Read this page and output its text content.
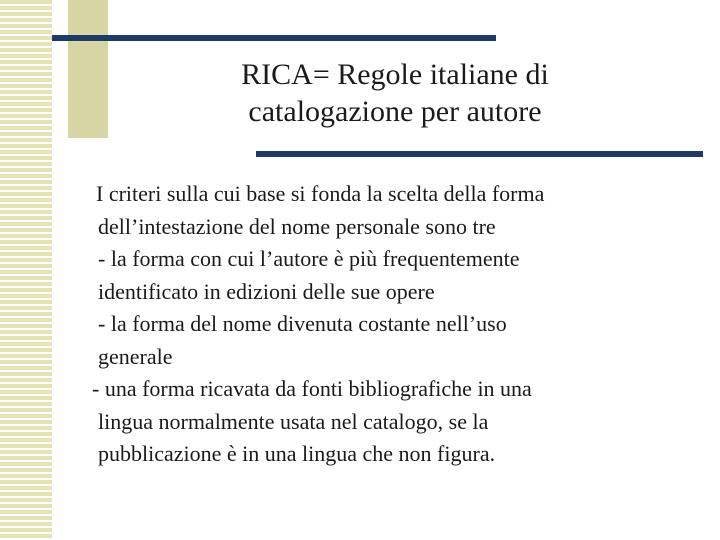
RICA= Regole italiane di
catalogazione per autore
I criteri sulla cui base si fonda la scelta della forma
dell’intestazione del nome personale sono tre
- la forma con cui l’autore è più frequentemente
identificato in edizioni delle sue opere
- la forma del nome divenuta costante nell’uso
generale
- una forma ricavata da fonti bibliografiche in una
lingua normalmente usata nel catalogo, se la
pubblicazione è in una lingua che non figura.
